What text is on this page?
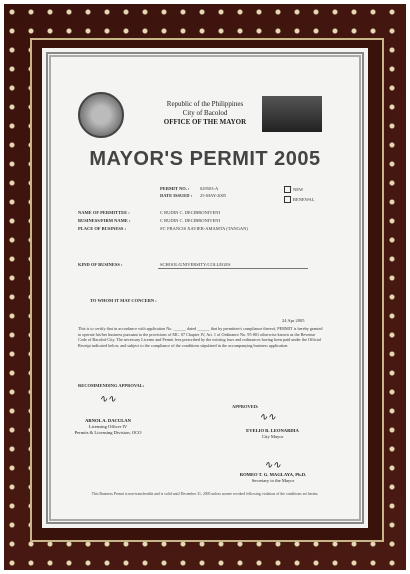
Republic of the Philippines
City of Bacolod
OFFICE OF THE MAYOR
MAYOR'S PERMIT 2005
PERMIT NO. : 029503-A
DATE ISSUED : 25-MAY-2005
NEW
RENEWAL
NAME OF PERMITTEE :	C RUDIN C. DECIBRONIVENI
BUSINESS/FIRM NAME :	C RUDIN C. DECIBRONIVENI
PLACE OF BUSINESS :	ST. FRANCIS XAVIER-AMAMTA (TANGAN)
KIND OF BUSINESS :	SCHOOL/UNIVERSITY/COLLEGES
TO WHOM IT MAY CONCERN :
24 Apr 2005
This is to certify that in accordance with application No. ______ dated ______ that by permittee/s compliance thereof, PERMIT is hereby granted to operate his/her business pursuant to the provisions of MC. 07 Chapter IV, Art. 1 of Ordinance No. 95-001 otherwise known as the Revenue Code of Bacolod City. The necessary License and Permit fees prescribed by the existing laws and ordinances having been paid under the Official Receipt indicated below, and subject to the compliance of the conditions stipulated in the accompanying business application.
RECOMMENDING APPROVAL:
∿∿
ARNOL A. DACULAN
Licensing Officer IV
Permits & Licensing Division, OCO
APPROVED:
∿∿
EVELIO R. LEONARDIA
City Mayor
∿∿
ROMEO T. G. MAGLAYA, Ph.D.
Secretary to the Mayor
This Business Permit is non-transferable and is valid until December 31, 2005 unless sooner revoked following violation of the conditions set herein.
